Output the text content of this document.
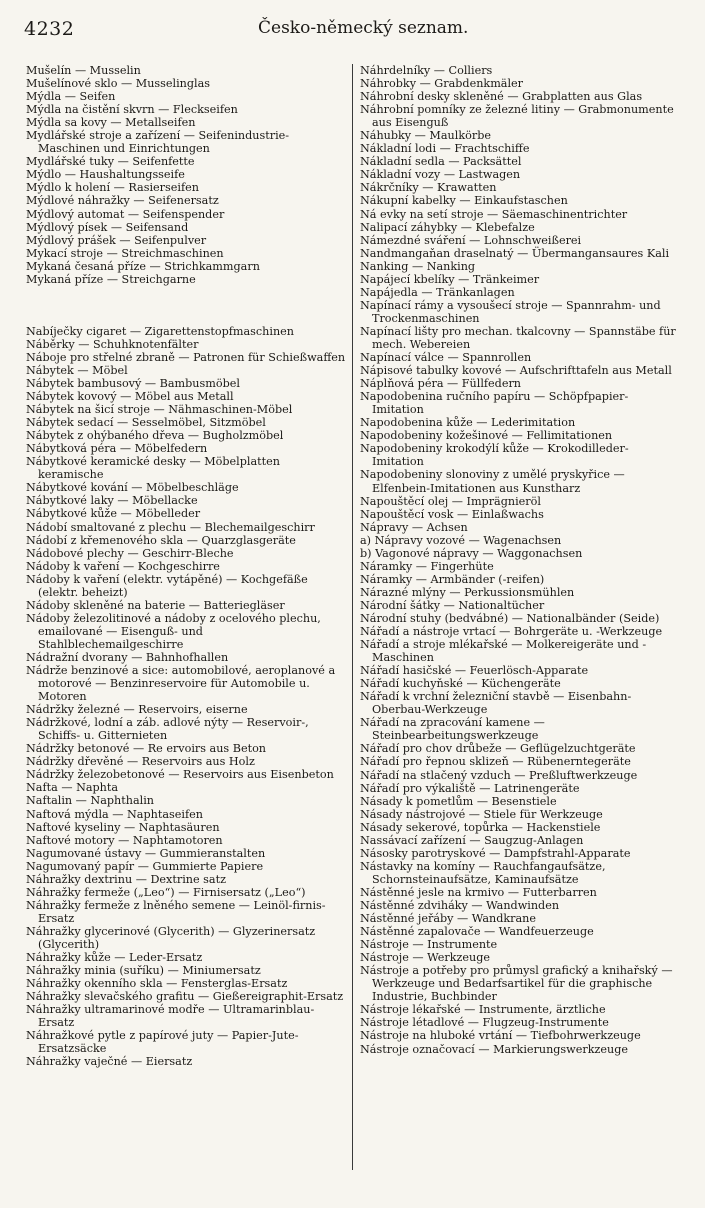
4232	Česko-německý seznam.

Mušelín — Musselin

Mušelínové sklo — Musselinglas

Mýdla — Seifen

Mýdla na čistění skvrn — Fleckseifen

Mýdla sa kovy — Metallseifen

Mydlářské stroje a zařízení — Seifenindustrie-Maschinen und Einrichtungen

Mydlářské tuky — Seifenfette

Mýdlo — Haushaltungsseife

Mýdlo k holení — Rasierseifen

Mýdlové náhražky — Seifenersatz

Mýdlový automat — Seifenspender

Mýdlový písek — Seifensand

Mýdlový prášek — Seifenpulver

Mykací stroje — Streichmaschinen

Mykaná česaná příze — Strichkammgarn

Mykaná příze — Streichgarne

Nabíječky cigaret — Zigarettenstopfmaschinen

Náběrky — Schuhknotenfälter

Náboje pro střelné zbraně — Patronen für Schießwaffen

Nábytek — Möbel

Nábytek bambusový — Bambusmöbel

Nábytek kovový — Möbel aus Metall

Nábytek na šicí stroje — Nähmaschinen-Möbel

Nábytek sedací — Sesselmöbel, Sitzmöbel

Nábytek z ohýbaného dřeva — Bugholzmöbel

Nábytková péra — Möbelfedern

Nábytkové keramické desky — Möbelplatten keramische

Nábytkové kování — Möbelbeschläge

Nábytkové laky — Möbellacke

Nábytkové kůže — Möbelleder

Nádobí smaltované z plechu — Blechemailgeschirr

Nádobí z křemenového skla — Quarzglasgeräte

Nádobové plechy — Geschirr-Bleche

Nádoby k vaření — Kochgeschirre

Nádoby k vaření (elektr. vytápěné) — Kochgefäße (elektr. beheizt)

Nádoby skleněné na baterie — Batteriegläser

Nádoby železolitinové a nádoby z ocelového plechu, emailované — Eisenguß- und Stahlblechemailgeschirre

Nádražní dvorany — Bahnhofhallen

Nádrže benzinové a sice: automobilové, aeroplanové a motorové — Benzinreservoire für Automobile u. Motoren

Nádržky železné — Reservoirs, eiserne

Nádržkové, lodní a záb. adlové nýty — Reservoir-, Schiffs- u. Gitternieten

Nádržky betonové — Re ervoirs aus Beton

Nádržky dřevěné — Reservoirs aus Holz

Nádržky železobetonové — Reservoirs aus Eisenbeton

Nafta — Naphta

Naftalin — Naphthalin

Naftová mýdla — Naphtaseifen

Naftové kyseliny — Naphtasäuren

Naftové motory — Naphtamotoren

Nagumované ústavy — Gummieranstalten

Nagumovaný papír — Gummierte Papiere

Náhražky dextrinu — Dextrine satz

Náhražky fermeže („Leo“) — Firnisersatz („Leo“)

Náhražky fermeže z lněného semene — Leinöl-firnis-Ersatz

Náhražky glycerinové (Glycerith) — Glyzerinersatz (Glycerith)

Náhražky kůže — Leder-Ersatz

Náhražky minia (suříku) — Miniumersatz

Náhražky okenního skla — Fensterglas-Ersatz

Náhražky slevačského grafitu — Gießereigraphit-Ersatz

Náhražky ultramarinové modře — Ultramarinblau-Ersatz

Náhražkové pytle z papírové juty — Papier-Jute-Ersatzsäcke

Náhražky vaječné — Eiersatz

Náhrdelníky — Colliers

Náhrobky — Grabdenkmäler

Náhrobní desky skleněné — Grabplatten aus Glas

Náhrobní pomníky ze železné litiny — Grabmonumente aus Eisenguß

Náhubky — Maulkörbe

Nákladní lodi — Frachtschiffe

Nákladní sedla — Packsättel

Nákladní vozy — Lastwagen

Nákrčníky — Krawatten

Nákupní kabelky — Einkaufstaschen

Ná evky na setí stroje — Säemaschinentrichter

Nalipací záhybky — Klebefalze

Námezdné sváření — Lohnschweißerei

Nandmangaňan draselnatý — Übermangansaures Kali

Nanking — Nanking

Napájecí kbelíky — Tränkeimer

Napájedla — Tränkanlagen

Napínací rámy a vysoušecí stroje — Spannrahm- und Trockenmaschinen

Napínací lišty pro mechan. tkalcovny — Spannstäbe für mech. Webereien

Napínací válce — Spannrollen

Nápisové tabulky kovové — Aufschrifttafeln aus Metall

Náplňová péra — Füllfedern

Napodobenina ručního papíru — Schöpfpapier-Imitation

Napodobenina kůže — Lederimitation

Napodobeniny kožešinové — Fellimitationen

Napodobeniny krokodýlí kůže — Krokodilleder-Imitation

Napodobeniny slonoviny z umělé pryskyřice — Elfenbein-Imitationen aus Kunstharz

Napouštěcí olej — Imprägnieröl

Napouštěcí vosk — Einlaßwachs

Nápravy — Achsen

a) Nápravy vozové — Wagenachsen

b) Vagonové nápravy — Waggonachsen

Náramky — Fingerhüte

Náramky — Armbänder (-reifen)

Nárazné mlýny — Perkussionsmühlen

Národní šátky — Nationaltücher

Národní stuhy (bedvábné) — Nationalbänder (Seide)

Nářadí a nástroje vrtací — Bohrgeräte u. -Werkzeuge

Nářadí a stroje mlékařské — Molkereigeräte und -Maschinen

Nářadí hasičské — Feuerlösch-Apparate

Nářadí kuchyňské — Küchengeräte

Nářadí k vrchní železniční stavbě — Eisenbahn-Oberbau-Werkzeuge

Nářadí na zpracování kamene — Steinbearbeitungswerkzeuge

Nářadí pro chov drůbeže — Geflügelzuchtgeräte

Nářadí pro řepnou sklizeň — Rübenerntegeräte

Nářadí na stlačený vzduch — Preßluftwerkzeuge

Nářadí pro výkaliště — Latrinengeräte

Násady k pometlům — Besenstiele

Násady nástrojové — Stiele für Werkzeuge

Násady sekerové, topůrka — Hackenstiele

Nassávací zařízení — Saugzug-Anlagen

Násosky parotryskové — Dampfstrahl-Apparate

Nástavky na komíny — Rauchfangaufsätze, Schornsteinaufsätze, Kaminaufsätze

Nástěnné jesle na krmivo — Futterbarren

Nástěnné zdviháky — Wandwinden

Nástěnné jeřáby — Wandkrane

Nástěnné zapalovače — Wandfeuerzeuge

Nástroje — Instrumente

Nástroje — Werkzeuge

Nástroje a potřeby pro průmysl grafický a knihařský — Werkzeuge und Bedarfsartikel für die graphische Industrie, Buchbinder

Nástroje lékařské — Instrumente, ärztliche

Nástroje létadlové — Flugzeug-Instrumente

Nástroje na hluboké vrtání — Tiefbohrwerkzeuge

Nástroje označovací — Markierungswerkzeuge
